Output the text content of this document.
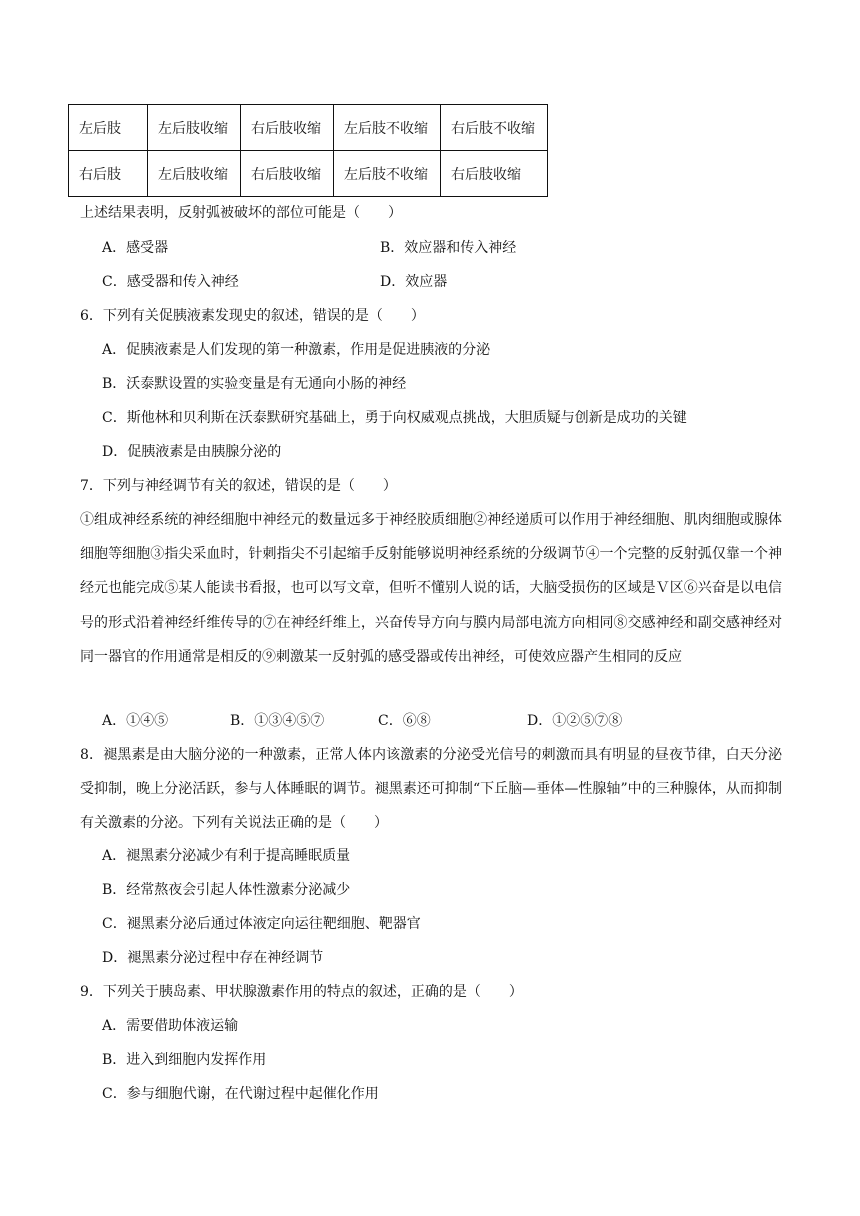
左后肢	左后肢收缩	右后肢收缩	左后肢不收缩	右后肢不收缩
右后肢	左后肢收缩	右后肢收缩	左后肢不收缩	右后肢收缩
上述结果表明，反射弧被破坏的部位可能是（　　）
A．感受器	B．效应器和传入神经
C．感受器和传入神经	D．效应器
6．下列有关促胰液素发现史的叙述，错误的是（　　）
A．促胰液素是人们发现的第一种激素，作用是促进胰液的分泌
B．沃泰默设置的实验变量是有无通向小肠的神经
C．斯他林和贝利斯在沃泰默研究基础上，勇于向权威观点挑战，大胆质疑与创新是成功的关键
D．促胰液素是由胰腺分泌的
7．下列与神经调节有关的叙述，错误的是（　　）
①组成神经系统的神经细胞中神经元的数量远多于神经胶质细胞②神经递质可以作用于神经细胞、肌肉细胞或腺体细胞等细胞③指尖采血时，针刺指尖不引起缩手反射能够说明神经系统的分级调节④一个完整的反射弧仅靠一个神经元也能完成⑤某人能读书看报，也可以写文章，但听不懂别人说的话，大脑受损伤的区域是Ｖ区⑥兴奋是以电信号的形式沿着神经纤维传导的⑦在神经纤维上，兴奋传导方向与膜内局部电流方向相同⑧交感神经和副交感神经对同一器官的作用通常是相反的⑨刺激某一反射弧的感受器或传出神经，可使效应器产生相同的反应
A．①④⑤	B．①③④⑤⑦	C．⑥⑧	D．①②⑤⑦⑧
8．褪黑素是由大脑分泌的一种激素，正常人体内该激素的分泌受光信号的刺激而具有明显的昼夜节律，白天分泌受抑制，晚上分泌活跃，参与人体睡眠的调节。褪黑素还可抑制“下丘脑—垂体—性腺轴”中的三种腺体，从而抑制有关激素的分泌。下列有关说法正确的是（　　）
A．褪黑素分泌减少有利于提高睡眠质量
B．经常熬夜会引起人体性激素分泌减少
C．褪黑素分泌后通过体液定向运往靶细胞、靶器官
D．褪黑素分泌过程中存在神经调节
9．下列关于胰岛素、甲状腺激素作用的特点的叙述，正确的是（　　）
A．需要借助体液运输
B．进入到细胞内发挥作用
C．参与细胞代谢，在代谢过程中起催化作用
